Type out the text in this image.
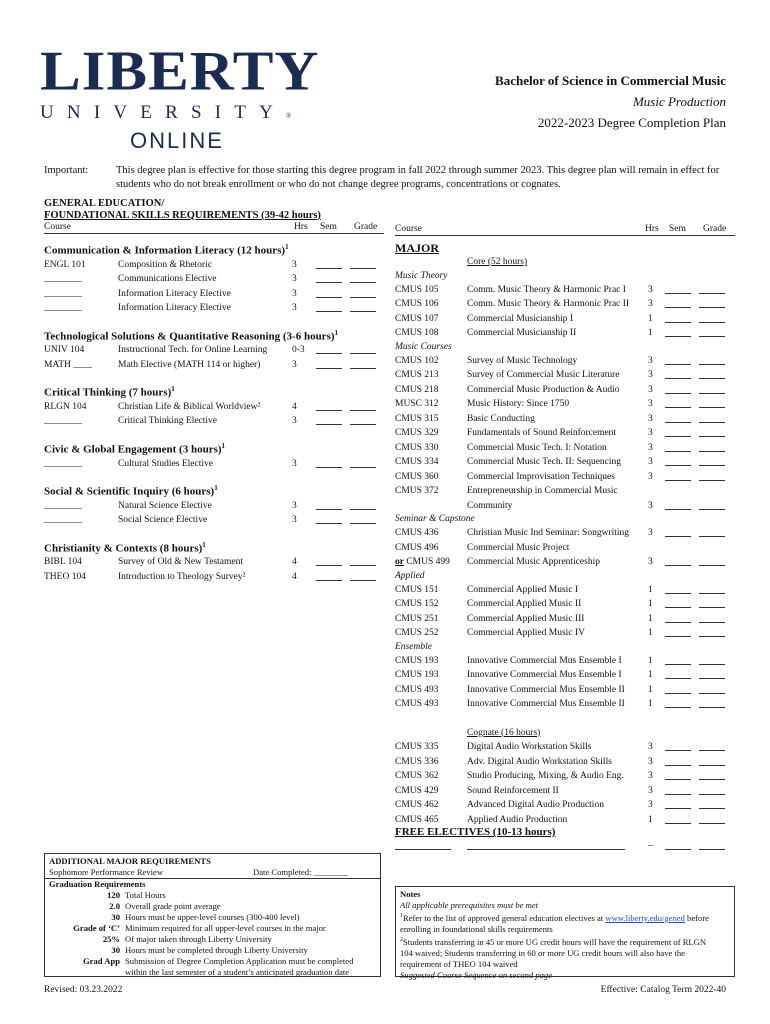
LIBERTY
UNIVERSITY®
ONLINE
Bachelor of Science in Commercial Music
Music Production
2022-2023 Degree Completion Plan
Important:	This degree plan is effective for those starting this degree program in fall 2022 through summer 2023. This degree plan will remain in effect for students who do not break enrollment or who do not change degree programs, concentrations or cognates.
GENERAL EDUCATION/
FOUNDATIONAL SKILLS REQUIREMENTS (39-42 hours)
Course	Hrs Sem Grade
Communication & Information Literacy (12 hours)$^1$
ENGL 101	Composition & Rhetoric	3
________	Communications Elective	3
________	Information Literacy Elective	3
________	Information Literacy Elective	3
Technological Solutions & Quantitative Reasoning (3-6 hours)$^1$
UNIV 104	Instructional Tech. for Online Learning	0-3
MATH ____	Math Elective (MATH 114 or higher)	3
Critical Thinking (7 hours)$^1$
RLGN 104	Christian Life & Biblical Worldview²	4
________	Critical Thinking Elective	3
Civic & Global Engagement (3 hours)$^1$
________	Cultural Studies Elective	3
Social & Scientific Inquiry (6 hours)$^1$
________	Natural Science Elective	3
________	Social Science Elective	3
Christianity & Contexts (8 hours)$^1$
BIBL 104	Survey of Old & New Testament	4
THEO 104	Introduction to Theology Survey²	4
Course	Hrs Sem Grade
MAJOR
Core (52 hours)
Music Theory
CMUS 105	Comm. Music Theory & Harmonic Prac I 3
CMUS 106	Comm. Music Theory & Harmonic Prac II 3
CMUS 107	Commercial Musicianship I	1
CMUS 108	Commercial Musicianship II	1
Music Courses
CMUS 102	Survey of Music Technology	3
CMUS 213	Survey of Commercial Music Literature	3
CMUS 218	Commercial Music Production & Audio	3
MUSC 312	Music History: Since 1750	3
CMUS 315	Basic Conducting	3
CMUS 329	Fundamentals of Sound Reinforcement	3
CMUS 330	Commercial Music Tech. I: Notation	3
CMUS 334	Commercial Music Tech. II: Sequencing	3
CMUS 360	Commercial Improvisation Techniques	3
CMUS 372	Entrepreneurship in Commercial Music
Community	3
Seminar & Capstone
CMUS 436	Christian Music Ind Seminar: Songwriting 3
CMUS 496	Commercial Music Project
or CMUS 499 Commercial Music Apprenticeship	3
Applied
CMUS 151	Commercial Applied Music I	1
CMUS 152	Commercial Applied Music II	1
CMUS 251	Commercial Applied Music III	1
CMUS 252	Commercial Applied Music IV	1
Ensemble
CMUS 193	Innovative Commercial Mus Ensemble I	1
CMUS 193	Innovative Commercial Mus Ensemble I	1
CMUS 493	Innovative Commercial Mus Ensemble II 1
CMUS 493	Innovative Commercial Mus Ensemble II 1
Cognate (16 hours)
CMUS 335	Digital Audio Workstation Skills	3
CMUS 336	Adv. Digital Audio Workstation Skills	3
CMUS 362	Studio Producing, Mixing, & Audio Eng.	3
CMUS 429	Sound Reinforcement II	3
CMUS 462	Advanced Digital Audio Production	3
CMUS 465	Applied Audio Production	1
FREE ELECTIVES (10-13 hours)
_
ADDITIONAL MAJOR REQUIREMENTS
Sophomore Performance Review	Date Completed: ________
Graduation Requirements
120 Total Hours
2.0 Overall grade point average
30 Hours must be upper-level courses (300-400 level)
Grade of ‘C’ Minimum required for all upper-level courses in the major
25% Of major taken through Liberty University
30 Hours must be completed through Liberty University
Grad App Submission of Degree Completion Application must be completed
within the last semester of a student’s anticipated graduation date
Notes
All applicable prerequisites must be met
$^1$Refer to the list of approved general education electives at www.liberty.edu/gened before
enrolling in foundational skills requirements
$^2$Students transferring in 45 or more UG credit hours will have the requirement of RLGN
104 waived; Students transferring in 60 or more UG credit hours will also have the
requirement of THEO 104 waived
Suggested Course Sequence on second page
Revised: 03.23.2022	Effective: Catalog Term 2022-40
